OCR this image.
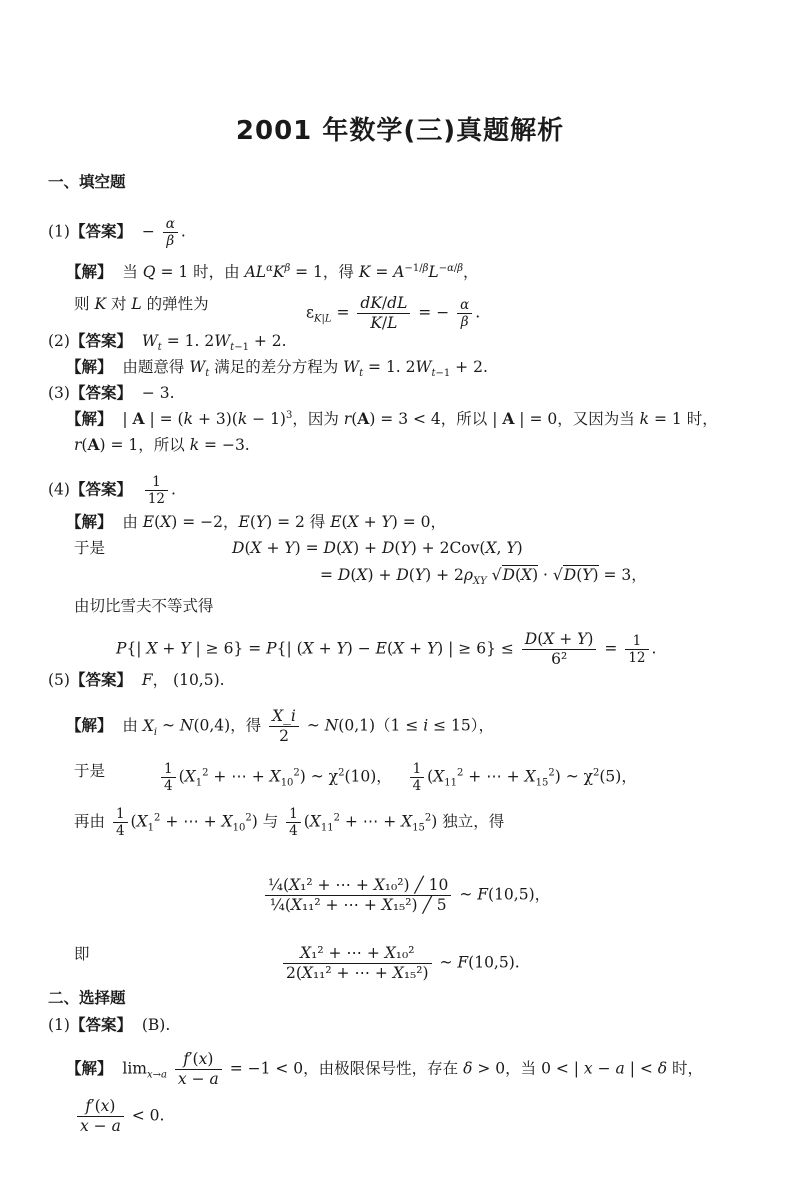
2001 年数学(三)真题解析
一、填空题
(1)【答案】  − $\frac{\alpha}{\beta}$ .
【解】  当 Q = 1 时，由 $AL^\alpha K^\beta = 1$，得 $K = A^{-1/\beta}L^{-\alpha/\beta}$，
则 K 对 L 的弹性为	$\varepsilon_{K|L} = \frac{dK/dL}{K/L}$ = − $\frac{\alpha}{\beta}$ .
(2)【答案】 $W_t = 1$. $2W_{t-1} + 2$.
【解】  由题意得 $W_t$ 满足的差分方程为 $W_t = 1$. $2W_{t-1} + 2$.
(3)【答案】  − 3.
【解】  | A | = $(k + 3)(k - 1)^3$，因为 r(A) = 3 < 4，所以 | A | = 0，又因为当 k = 1 时，
r(A) = 1，所以 k = −3.
(4)【答案】 $\frac{1}{12}$ .
【解】  由 E(X) = −2，E(Y) = 2 得 E(X + Y) = 0，
于是	D(X + Y) = D(X) + D(Y) + 2Cov(X, Y)
= $D(X) + D(Y) + 2\rho_{XY}$ √D(X) · √D(Y) = 3，
由切比雪夫不等式得
P{| X + Y | ≥ 6} = P{| (X + Y) − E(X + Y) | ≥ $6\} \le \frac{D(X + Y)}{\text{6²}} = \frac{1}{12}$ .
(5)【答案】 F， (10,5).
【解】  由 $X_i$ ~ N(0,4)，得 $\frac{X\_i}{2}$ ~ N(0,1)（1 ≤ i ≤ 15），
于是	$\frac{1}{4} (X_1^2$ + ⋯ + $X_{10}^2$) ~ $\chi^2(10)$， $\frac{1}{4} (X_{11}^2$ + ⋯ + $X_{15}^2$) ~ $\chi^2(5)$，
再由 $\frac{1}{4} (X_1^2$ + ⋯ + $X_{10}^2$) 与 $\frac{1}{4} (X_{11}^2$ + ⋯ + $X_{15}^2$) 独立，得
$\frac{\text{¼(X₁² + ⋯ + X₁₀²) ╱ 10}}{\text{¼(X₁₁² + ⋯ + X₁₅²) ╱ 5}}$ ~ F(10,5)，
即	$\frac{\text{X₁² + ⋯ + X₁₀²}}{\text{2(X₁₁² + ⋯ + X₁₅²)}}$ ~ F(10,5).
二、选择题
(1)【答案】  (B).
【解】  $\lim_{x\to a} \frac{f'(x)}{x - a} = -1 < 0$，由极限保号性，存在 δ > 0，当 0 < | x − a | < δ 时，
$\frac{f'(x)}{x - a} < 0$.
